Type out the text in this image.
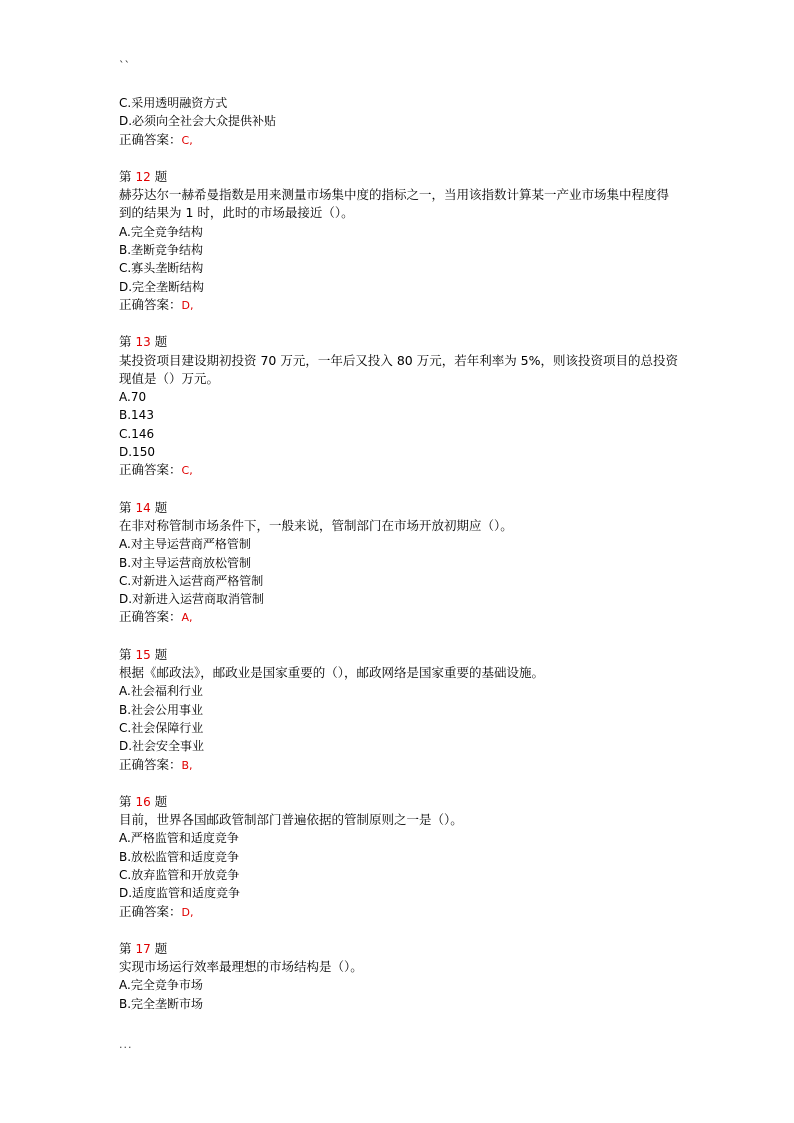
``
C.采用透明融资方式
D.必须向全社会大众提供补贴
正确答案：C,
第 12 题
赫芬达尔一赫希曼指数是用来测量市场集中度的指标之一，当用该指数计算某一产业市场集中程度得到的结果为 1 时，此时的市场最接近（）。
A.完全竞争结构
B.垄断竞争结构
C.寡头垄断结构
D.完全垄断结构
正确答案：D,
第 13 题
某投资项目建设期初投资 70 万元，一年后又投入 80 万元，若年利率为 5%，则该投资项目的总投资现值是（）万元。
A.70
B.143
C.146
D.150
正确答案：C,
第 14 题
在非对称管制市场条件下，一般来说，管制部门在市场开放初期应（）。
A.对主导运营商严格管制
B.对主导运营商放松管制
C.对新进入运营商严格管制
D.对新进入运营商取消管制
正确答案：A,
第 15 题
根据《邮政法》，邮政业是国家重要的（），邮政网络是国家重要的基础设施。
A.社会福利行业
B.社会公用事业
C.社会保障行业
D.社会安全事业
正确答案：B,
第 16 题
目前，世界各国邮政管制部门普遍依据的管制原则之一是（）。
A.严格监管和适度竞争
B.放松监管和适度竞争
C.放弃监管和开放竞争
D.适度监管和适度竞争
正确答案：D,
第 17 题
实现市场运行效率最理想的市场结构是（）。
A.完全竞争市场
B.完全垄断市场
...
